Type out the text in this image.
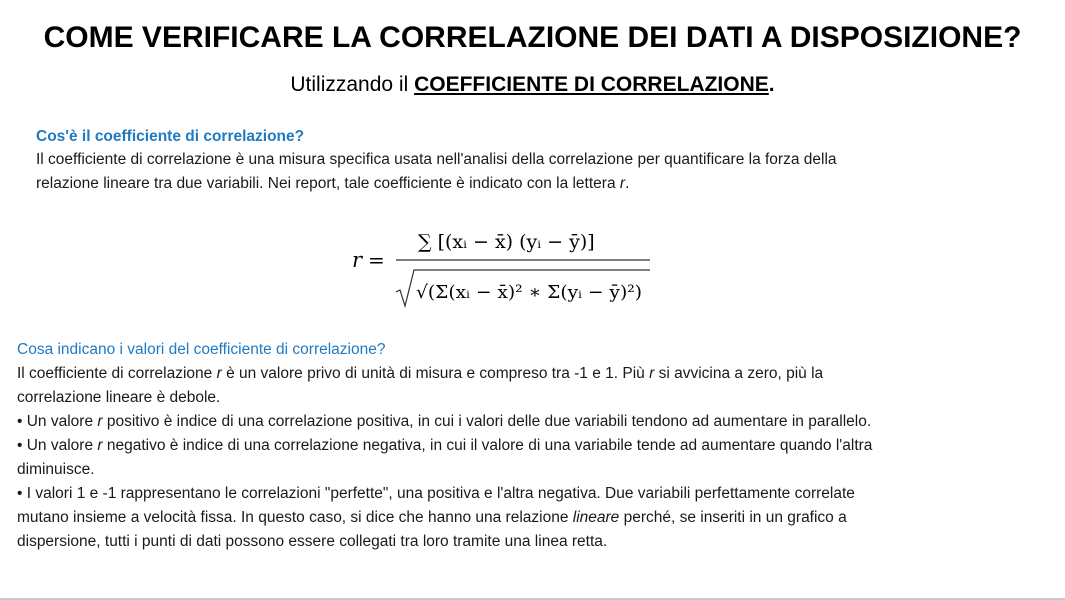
COME VERIFICARE LA CORRELAZIONE DEI DATI A DISPOSIZIONE?
Utilizzando il COEFFICIENTE DI CORRELAZIONE.
Cos'è il coefficiente di correlazione?
Il coefficiente di correlazione è una misura specifica usata nell'analisi della correlazione per quantificare la forza della
relazione lineare tra due variabili. Nei report, tale coefficiente è indicato con la lettera r.
r =
∑ [(xᵢ − x̄) (yᵢ − ȳ)]
√(Σ(xᵢ − x̄)² ∗ Σ(yᵢ − ȳ)²)
Cosa indicano i valori del coefficiente di correlazione?
Il coefficiente di correlazione r è un valore privo di unità di misura e compreso tra -1 e 1. Più r si avvicina a zero, più la
correlazione lineare è debole.
• Un valore r positivo è indice di una correlazione positiva, in cui i valori delle due variabili tendono ad aumentare in parallelo.
• Un valore r negativo è indice di una correlazione negativa, in cui il valore di una variabile tende ad aumentare quando l'altra
diminuisce.
• I valori 1 e -1 rappresentano le correlazioni "perfette", una positiva e l'altra negativa. Due variabili perfettamente correlate
mutano insieme a velocità fissa. In questo caso, si dice che hanno una relazione lineare perché, se inseriti in un grafico a
dispersione, tutti i punti di dati possono essere collegati tra loro tramite una linea retta.
